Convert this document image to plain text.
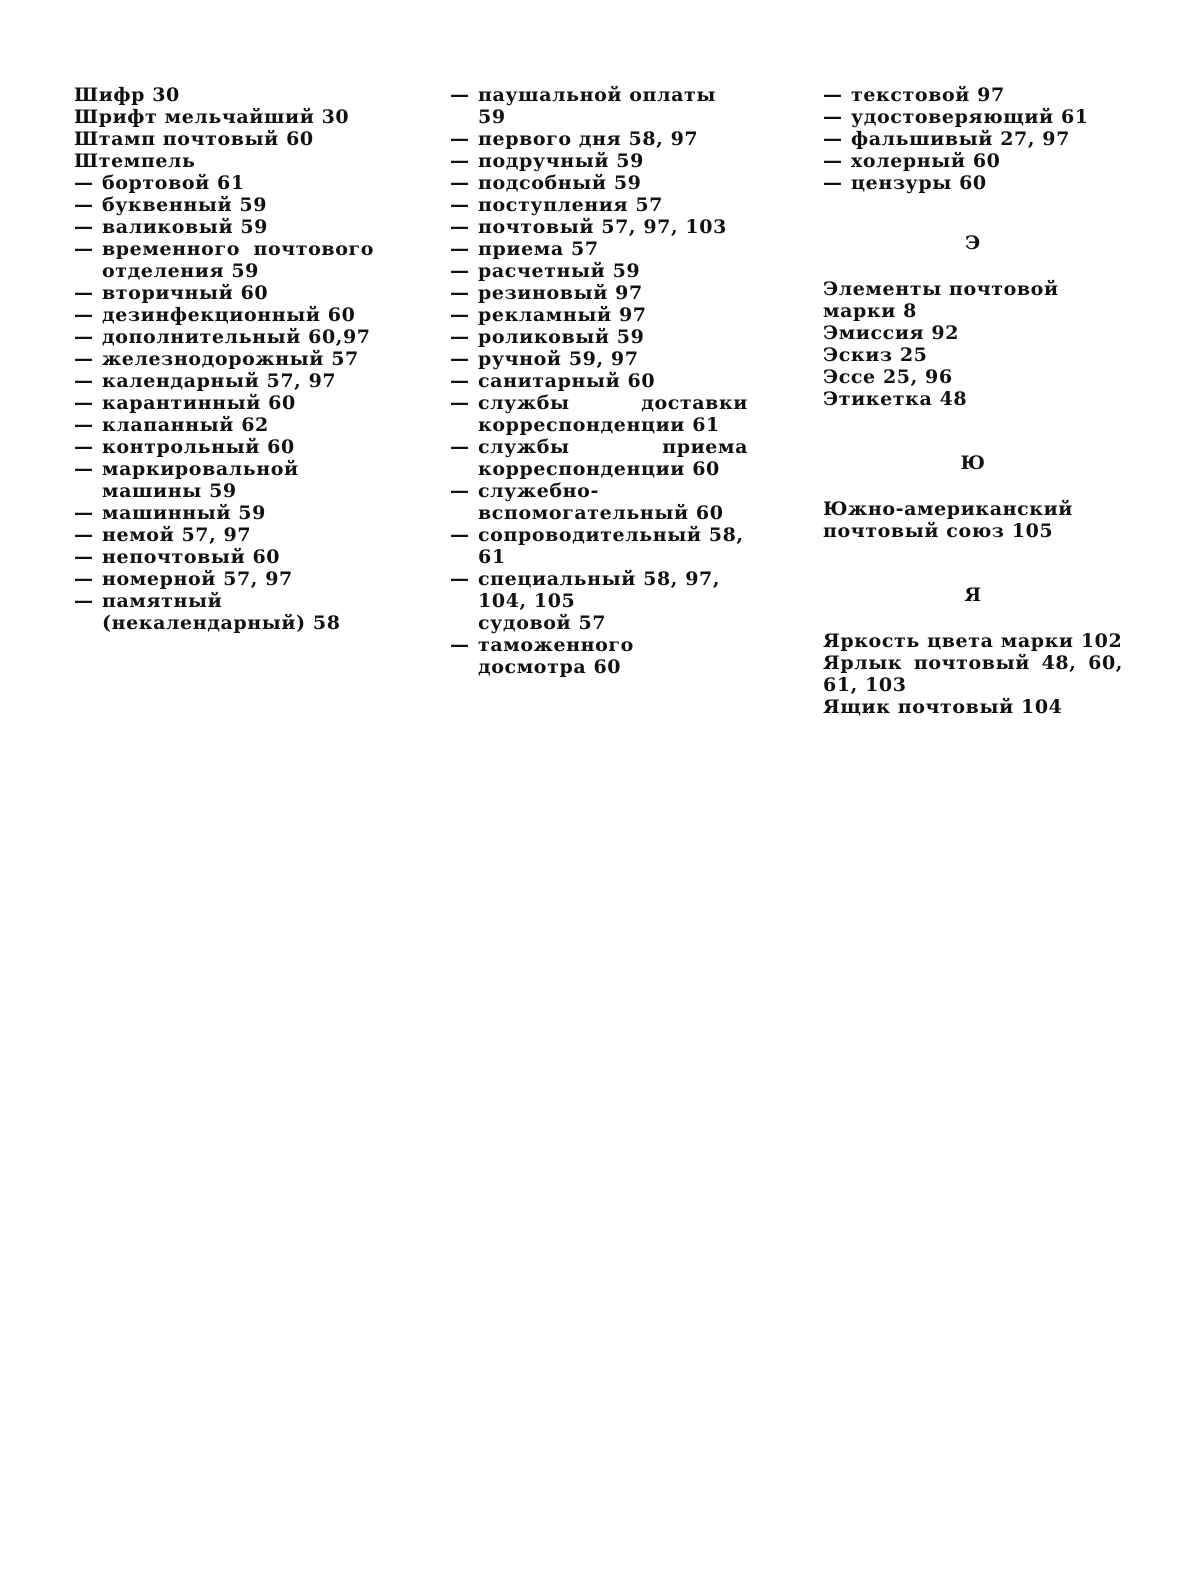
Шифр 30
Шрифт мельчайший 30
Штамп почтовый 60
Штемпель
— бортовой 61
— буквенный 59
— валиковый 59
— временного почтового отделения 59
— вторичный 60
— дезинфекционный 60
— дополнительный 60,97
— железнодорожный 57
— календарный 57, 97
— карантинный 60
— клапанный 62
— контрольный 60
— маркировальной машины 59
— машинный 59
— немой 57, 97
— непочтовый 60
— номерной 57, 97
— памятный (некалендарный) 58
— паушальной оплаты 59
— первого дня 58, 97
— подручный 59
— подсобный 59
— поступления 57
— почтовый 57, 97, 103
— приема 57
— расчетный 59
— резиновый 97
— рекламный 97
— роликовый 59
— ручной 59, 97
— санитарный 60
— службы доставки корреспонденции 61
— службы приема корреспонденции 60
— служебно-вспомогательный 60
— сопроводительный 58, 61
— специальный 58, 97, 104, 105
судовой 57
— таможенного досмотра 60
— текстовой 97
— удостоверяющий 61
— фальшивый 27, 97
— холерный 60
— цензуры 60
Э
Элементы почтовой марки 8
Эмиссия 92
Эскиз 25
Эссе 25, 96
Этикетка 48
Ю
Южно-американский почтовый союз 105
Я
Яркость цвета марки 102
Ярлык почтовый 48, 60, 61, 103
Ящик почтовый 104
